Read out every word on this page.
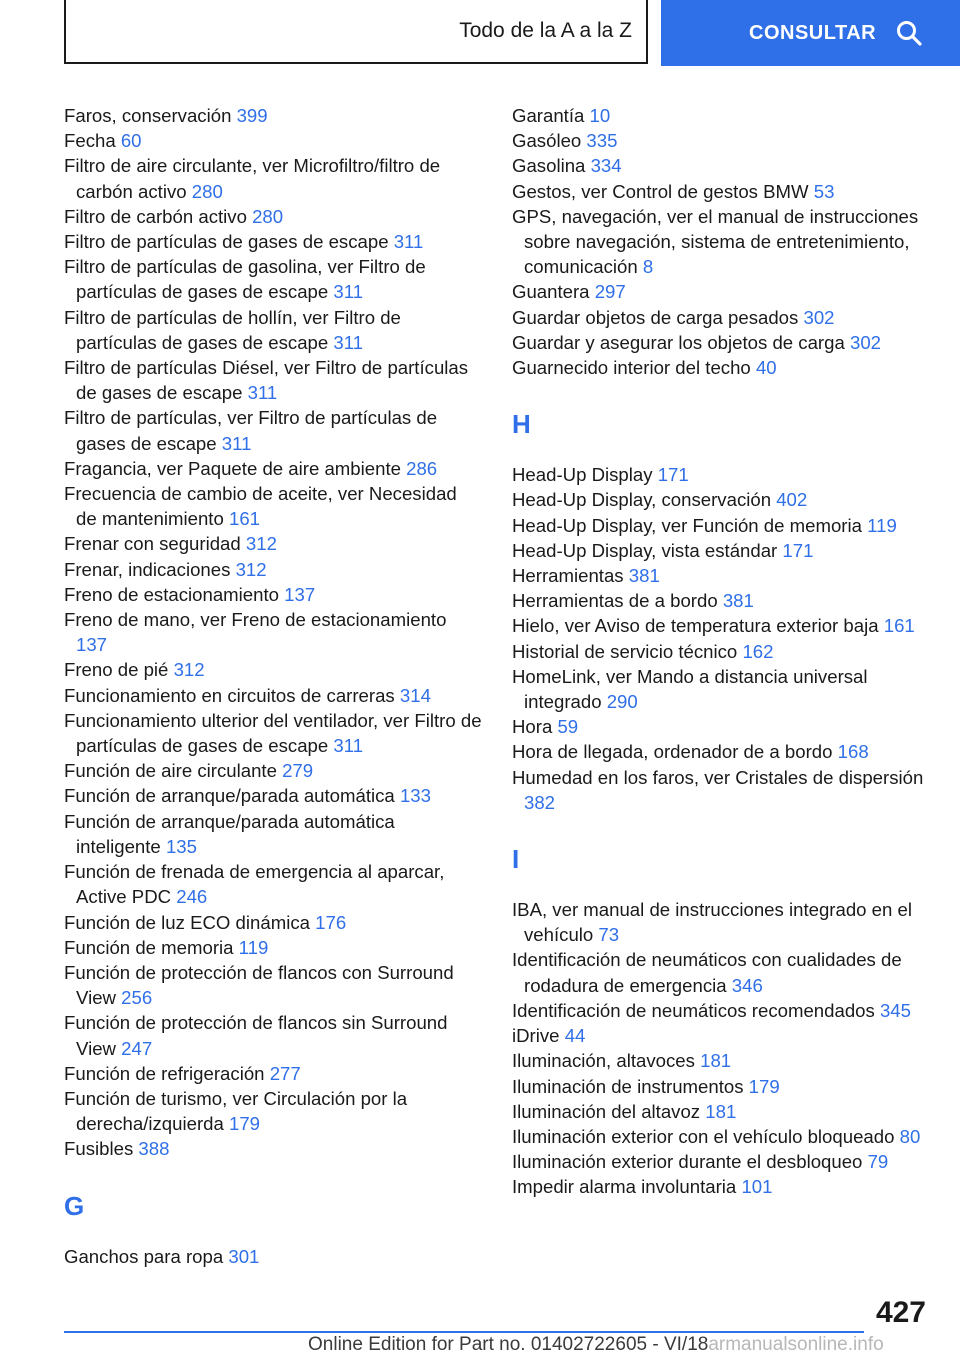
Todo de la A a la Z	CONSULTAR
Faros, conservación 399
Fecha 60
Filtro de aire circulante, ver Microfiltro/filtro de carbón activo 280
Filtro de carbón activo 280
Filtro de partículas de gases de escape 311
Filtro de partículas de gasolina, ver Filtro de partículas de gases de escape 311
Filtro de partículas de hollín, ver Filtro de partículas de gases de escape 311
Filtro de partículas Diésel, ver Filtro de partículas de gases de escape 311
Filtro de partículas, ver Filtro de partículas de gases de escape 311
Fragancia, ver Paquete de aire ambiente 286
Frecuencia de cambio de aceite, ver Necesidad de mantenimiento 161
Frenar con seguridad 312
Frenar, indicaciones 312
Freno de estacionamiento 137
Freno de mano, ver Freno de estacionamiento 137
Freno de pié 312
Funcionamiento en circuitos de carreras 314
Funcionamiento ulterior del ventilador, ver Filtro de partículas de gases de escape 311
Función de aire circulante 279
Función de arranque/parada automática 133
Función de arranque/parada automática inteligente 135
Función de frenada de emergencia al aparcar, Active PDC 246
Función de luz ECO dinámica 176
Función de memoria 119
Función de protección de flancos con Surround View 256
Función de protección de flancos sin Surround View 247
Función de refrigeración 277
Función de turismo, ver Circulación por la derecha/izquierda 179
Fusibles 388
G
Ganchos para ropa 301
Garantía 10
Gasóleo 335
Gasolina 334
Gestos, ver Control de gestos BMW 53
GPS, navegación, ver el manual de instrucciones sobre navegación, sistema de entretenimiento, comunicación 8
Guantera 297
Guardar objetos de carga pesados 302
Guardar y asegurar los objetos de carga 302
Guarnecido interior del techo 40
H
Head-Up Display 171
Head-Up Display, conservación 402
Head-Up Display, ver Función de memoria 119
Head-Up Display, vista estándar 171
Herramientas 381
Herramientas de a bordo 381
Hielo, ver Aviso de temperatura exterior baja 161
Historial de servicio técnico 162
HomeLink, ver Mando a distancia universal integrado 290
Hora 59
Hora de llegada, ordenador de a bordo 168
Humedad en los faros, ver Cristales de dispersión 382
I
IBA, ver manual de instrucciones integrado en el vehículo 73
Identificación de neumáticos con cualidades de rodadura de emergencia 346
Identificación de neumáticos recomendados 345
iDrive 44
Iluminación, altavoces 181
Iluminación de instrumentos 179
Iluminación del altavoz 181
Iluminación exterior con el vehículo bloqueado 80
Iluminación exterior durante el desbloqueo 79
Impedir alarma involuntaria 101
427
Online Edition for Part no. 01402722605 - VI/18armanualsonline.info
